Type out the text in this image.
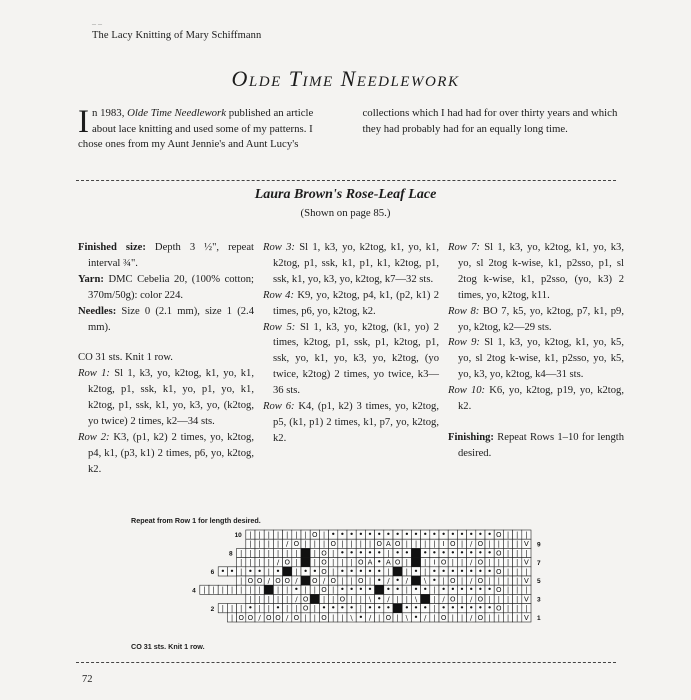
– –
The Lacy Knitting of Mary Schiffmann
Olde Time Needlework
In 1983, Olde Time Needlework published an article about lace knitting and used some of my patterns. I chose ones from my Aunt Jennie's and Aunt Lucy's collections which I had had for over thirty years and which they had probably had for an equally long time.
Laura Brown's Rose-Leaf Lace
(Shown on page 85.)

Finished size: Depth 3 ½", repeat interval ¾".

Yarn: DMC Cebelia 20, (100% cotton; 370m/50g): color 224.

Needles: Size 0 (2.1 mm), size 1 (2.4 mm).

CO 31 sts. Knit 1 row.

Row 1: Sl 1, k3, yo, k2tog, k1, yo, k1, k2tog, p1, ssk, k1, yo, p1, yo, k1, k2tog, p1, ssk, k1, yo, k3, yo, (k2tog, yo twice) 2 times, k2—34 sts.

Row 2: K3, (p1, k2) 2 times, yo, k2tog, p4, k1, (p3, k1) 2 times, p6, yo, k2tog, k2.

Row 3: Sl 1, k3, yo, k2tog, k1, yo, k1, k2tog, p1, ssk, k1, p1, k1, k2tog, p1, ssk, k1, yo, k3, yo, k2tog, k7—32 sts.

Row 4: K9, yo, k2tog, p4, k1, (p2, k1) 2 times, p6, yo, k2tog, k2.

Row 5: Sl 1, k3, yo, k2tog, (k1, yo) 2 times, k2tog, p1, ssk, p1, k2tog, p1, ssk, yo, k1, yo, k3, yo, k2tog, (yo twice, k2tog) 2 times, yo twice, k3—36 sts.

Row 6: K4, (p1, k2) 3 times, yo, k2tog, p5, (k1, p1) 2 times, k1, p7, yo, k2tog, k2.

Row 7: Sl 1, k3, yo, k2tog, k1, yo, k3, yo, sl 2tog k-wise, k1, p2sso, p1, sl 2tog k-wise, k1, p2sso, (yo, k3) 2 times, yo, k2tog, k11.

Row 8: BO 7, k5, yo, k2tog, p7, k1, p9, yo, k2tog, k2—29 sts.

Row 9: Sl 1, k3, yo, k2tog, k1, yo, k5, yo, sl 2tog k-wise, k1, p2sso, yo, k5, yo, k3, yo, k2tog, k4—31 sts.

Row 10: K6, yo, k2tog, p19, yo, k2tog, k2.

Finishing: Repeat Rows 1–10 for length desired.

Repeat from Row 1 for length desired.
| | | | | | | O | • • • • • • • • • • • • • • • • • • O | | |
10
| | | | / O | | | O | | | | O A O | | | | I O | / O | | | | V 9
| | | | | | | | O | • • • • • | • • • • • • • • • • O | | |
8
| | | | / O | | O | | | O A • A O | | I O | | / O | | | | V 7
• • | • • | • | • • O | • • • • • | | • | • • • • • • • O | | |
6
| O O / O O / O / O | | O | • / • / \ • | O | / O | | | | V 5
| | | | | | | | | • | | O | • • • • • • | • • | • • • • • • O | | |
4
| | | | | / O | | O | | \ • / | | \ | / O | / O | | | | V 3
| | | • | | • | | O | • • • • | • • • • • • | • • • • • • O | | |
2
| O O / O O / O | | O | | \ • / | O | \ • / | O | | / O | | | | V 1
CO 31 sts. Knit 1 row.
72
